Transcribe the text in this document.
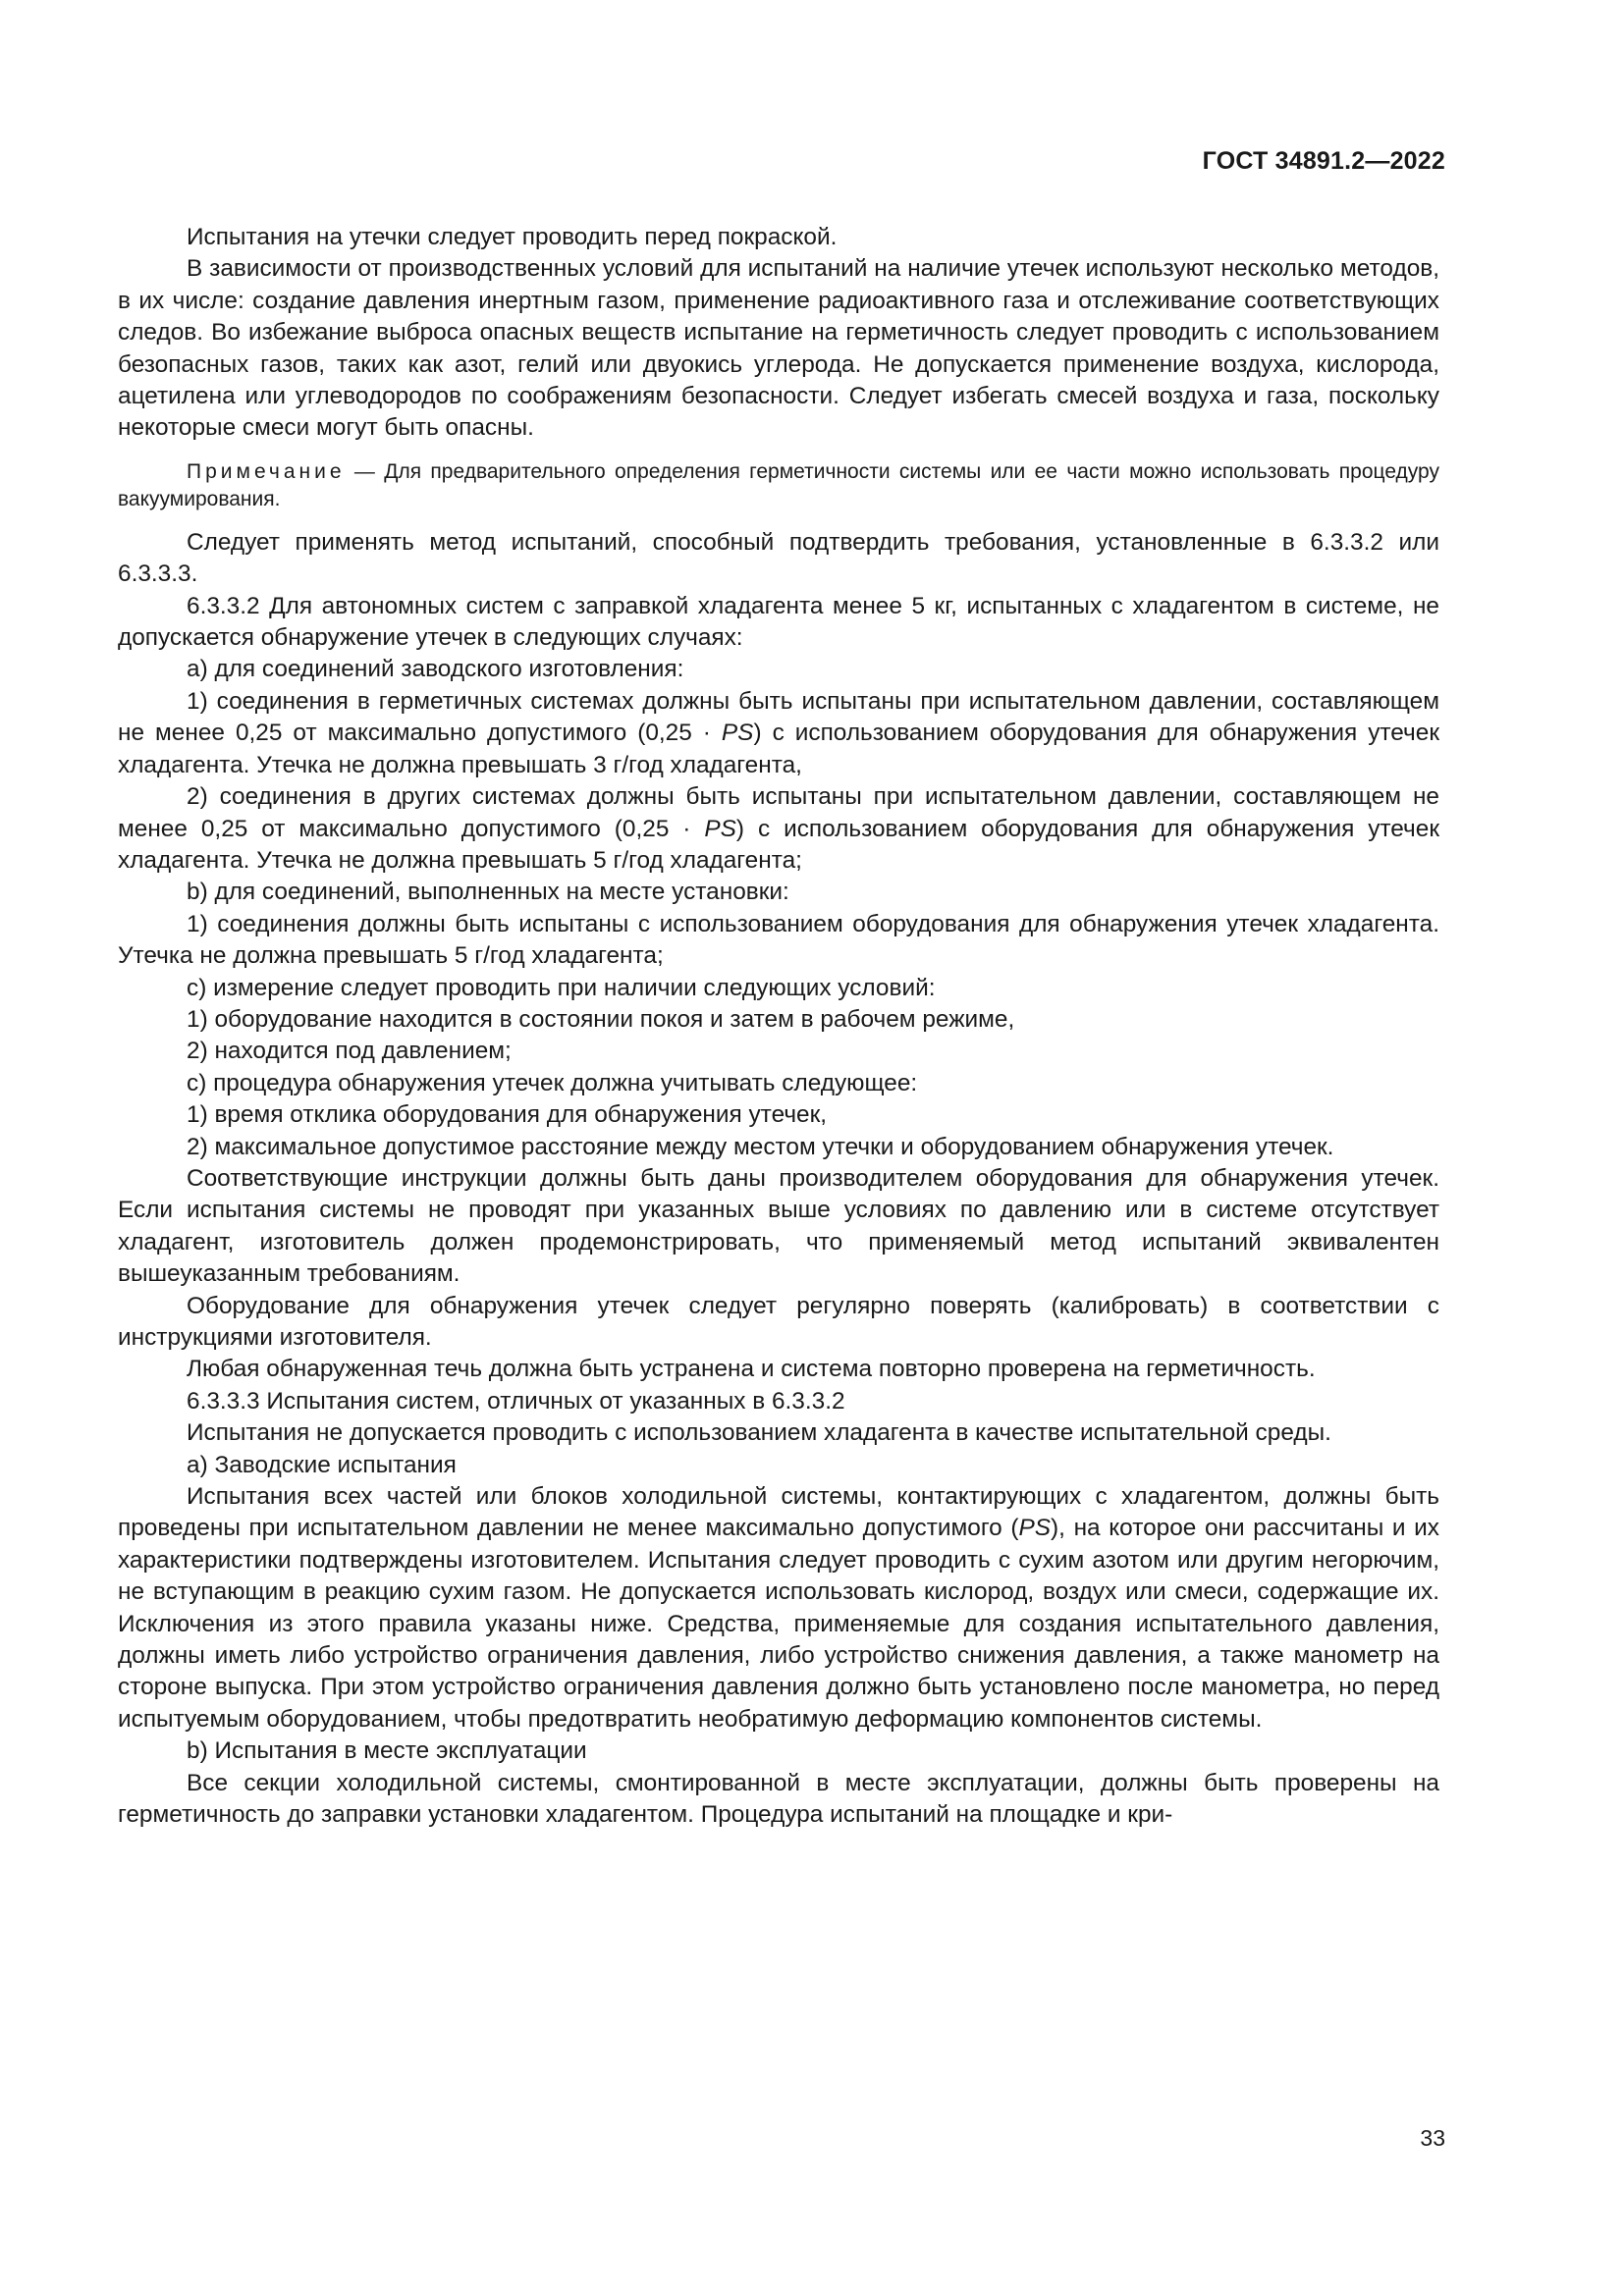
ГОСТ 34891.2—2022

Испытания на утечки следует проводить перед покраской.

В зависимости от производственных условий для испытаний на наличие утечек используют несколько методов, в их числе: создание давления инертным газом, применение радиоактивного газа и отслеживание соответствующих следов. Во избежание выброса опасных веществ испытание на герметичность следует проводить с использованием безопасных газов, таких как азот, гелий или двуокись углерода. Не допускается применение воздуха, кислорода, ацетилена или углеводородов по соображениям безопасности. Следует избегать смесей воздуха и газа, поскольку некоторые смеси могут быть опасны.

Примечание — Для предварительного определения герметичности системы или ее части можно использовать процедуру вакуумирования.

Следует применять метод испытаний, способный подтвердить требования, установленные в 6.3.3.2 или 6.3.3.3.

6.3.3.2 Для автономных систем с заправкой хладагента менее 5 кг, испытанных с хладагентом в системе, не допускается обнаружение утечек в следующих случаях:

а) для соединений заводского изготовления:

1) соединения в герметичных системах должны быть испытаны при испытательном давлении, составляющем не менее 0,25 от максимально допустимого (0,25 · PS) с использованием оборудования для обнаружения утечек хладагента. Утечка не должна превышать 3 г/год хладагента,

2) соединения в других системах должны быть испытаны при испытательном давлении, составляющем не менее 0,25 от максимально допустимого (0,25 · PS) с использованием оборудования для обнаружения утечек хладагента. Утечка не должна превышать 5 г/год хладагента;

b) для соединений, выполненных на месте установки:

1) соединения должны быть испытаны с использованием оборудования для обнаружения утечек хладагента. Утечка не должна превышать 5 г/год хладагента;

с) измерение следует проводить при наличии следующих условий:

1) оборудование находится в состоянии покоя и затем в рабочем режиме,

2) находится под давлением;

с) процедура обнаружения утечек должна учитывать следующее:

1) время отклика оборудования для обнаружения утечек,

2) максимальное допустимое расстояние между местом утечки и оборудованием обнаружения утечек.

Соответствующие инструкции должны быть даны производителем оборудования для обнаружения утечек. Если испытания системы не проводят при указанных выше условиях по давлению или в системе отсутствует хладагент, изготовитель должен продемонстрировать, что применяемый метод испытаний эквивалентен вышеуказанным требованиям.

Оборудование для обнаружения утечек следует регулярно поверять (калибровать) в соответствии с инструкциями изготовителя.

Любая обнаруженная течь должна быть устранена и система повторно проверена на герметичность.

6.3.3.3 Испытания систем, отличных от указанных в 6.3.3.2

Испытания не допускается проводить с использованием хладагента в качестве испытательной среды.

а) Заводские испытания

Испытания всех частей или блоков холодильной системы, контактирующих с хладагентом, должны быть проведены при испытательном давлении не менее максимально допустимого (PS), на которое они рассчитаны и их характеристики подтверждены изготовителем. Испытания следует проводить с сухим азотом или другим негорючим, не вступающим в реакцию сухим газом. Не допускается использовать кислород, воздух или смеси, содержащие их. Исключения из этого правила указаны ниже. Средства, применяемые для создания испытательного давления, должны иметь либо устройство ограничения давления, либо устройство снижения давления, а также манометр на стороне выпуска. При этом устройство ограничения давления должно быть установлено после манометра, но перед испытуемым оборудованием, чтобы предотвратить необратимую деформацию компонентов системы.

b) Испытания в месте эксплуатации

Все секции холодильной системы, смонтированной в месте эксплуатации, должны быть проверены на герметичность до заправки установки хладагентом. Процедура испытаний на площадке и кри-

33
